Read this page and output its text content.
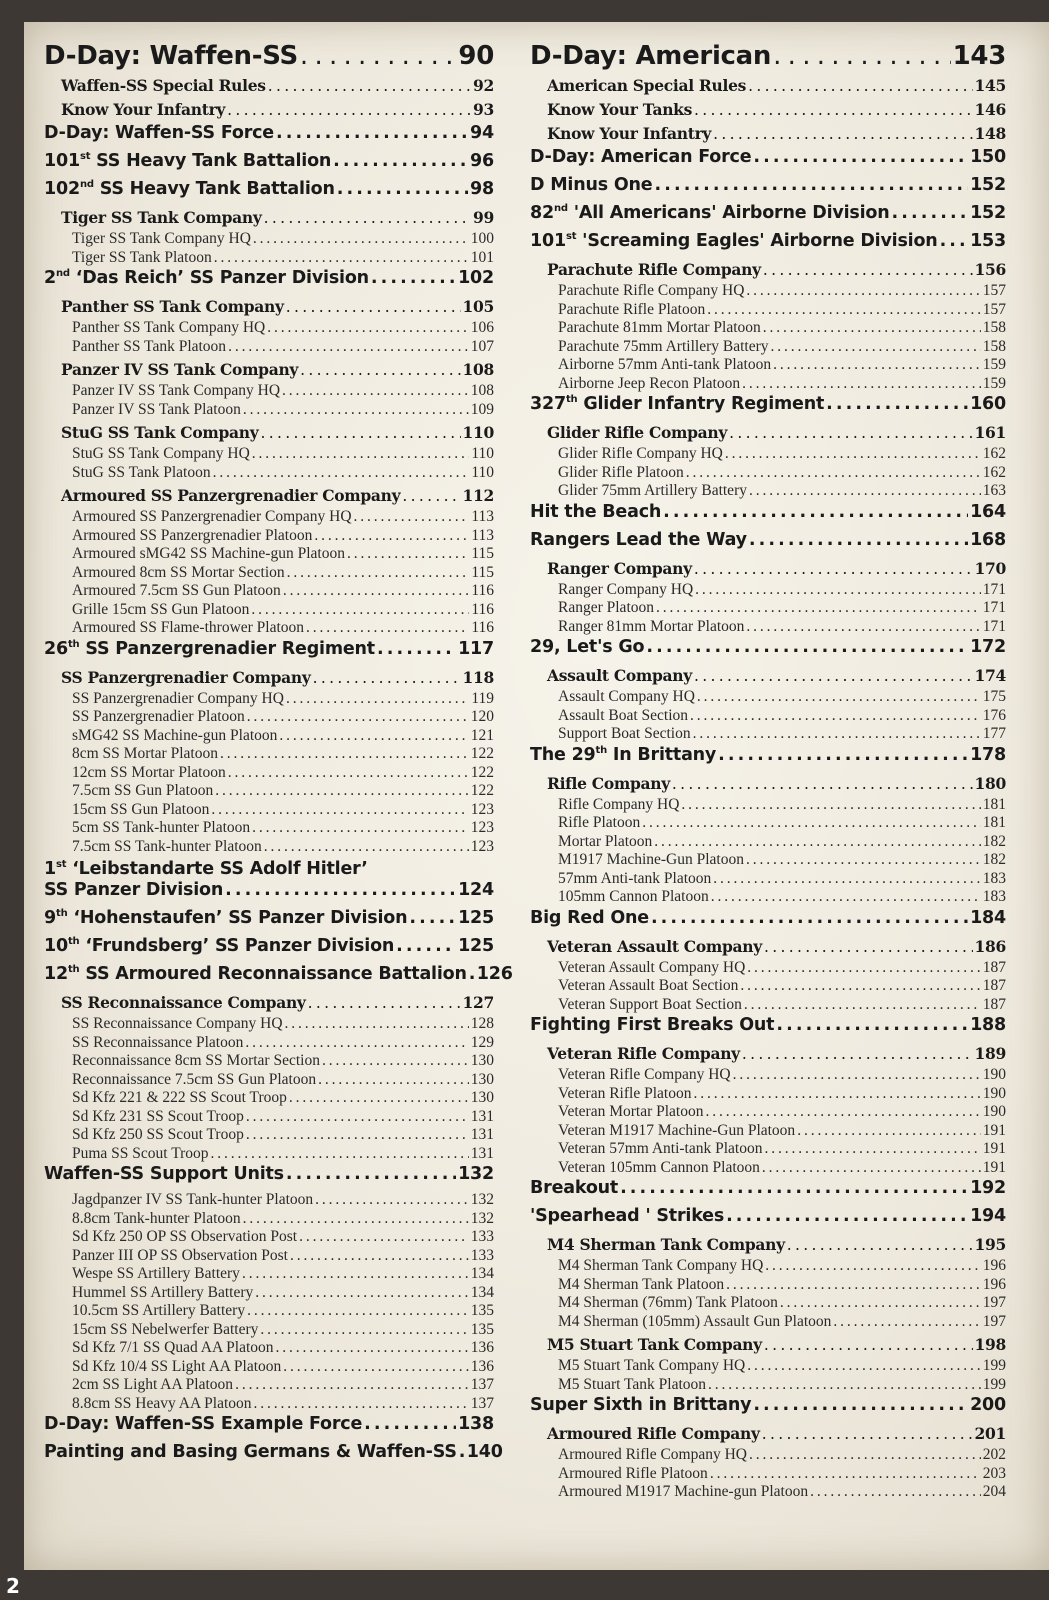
D-Day: Waffen-SS . . .	90
Waffen-SS Special Rules . . .	92
Know Your Infantry . . .	93
D-Day: Waffen-SS Force . . .	94
101st SS Heavy Tank Battalion . . .	96
102nd SS Heavy Tank Battalion . . .	98
Tiger SS Tank Company . . .	99
Tiger SS Tank Company HQ . . .	100
Tiger SS Tank Platoon . . .	101
2nd ‘Das Reich’ SS Panzer Division . . .	102
Panther SS Tank Company . . .	105
Panther SS Tank Company HQ . . .	106
Panther SS Tank Platoon . . .	107
Panzer IV SS Tank Company . . .	108
Panzer IV SS Tank Company HQ . . .	108
Panzer IV SS Tank Platoon . . .	109
StuG SS Tank Company . . .	110
StuG SS Tank Company HQ . . .	110
StuG SS Tank Platoon . . .	110
Armoured SS Panzergrenadier Company . . .	112
Armoured SS Panzergrenadier Company HQ . . .	113
Armoured SS Panzergrenadier Platoon . . .	113
Armoured sMG42 SS Machine-gun Platoon . . .	115
Armoured 8cm SS Mortar Section . . .	115
Armoured 7.5cm SS Gun Platoon . . .	116
Grille 15cm SS Gun Platoon . . .	116
Armoured SS Flame-thrower Platoon . . .	116
26th SS Panzergrenadier Regiment . . .	117
SS Panzergrenadier Company . . .	118
SS Panzergrenadier Company HQ . . .	119
SS Panzergrenadier Platoon . . .	120
sMG42 SS Machine-gun Platoon . . .	121
8cm SS Mortar Platoon . . .	122
12cm SS Mortar Platoon . . .	122
7.5cm SS Gun Platoon . . .	122
15cm SS Gun Platoon . . .	123
5cm SS Tank-hunter Platoon . . .	123
7.5cm SS Tank-hunter Platoon . . .	123
1st ‘Leibstandarte SS Adolf Hitler’
SS Panzer Division . . .	124
9th ‘Hohenstaufen’ SS Panzer Division . . .	125
10th ‘Frundsberg’ SS Panzer Division . . .	125
12th SS Armoured Reconnaissance Battalion . . . 126
SS Reconnaissance Company . . .	127
SS Reconnaissance Company HQ . . .	128
SS Reconnaissance Platoon . . .	129
Reconnaissance 8cm SS Mortar Section . . .	130
Reconnaissance 7.5cm SS Gun Platoon . . .	130
Sd Kfz 221 & 222 SS Scout Troop . . .	130
Sd Kfz 231 SS Scout Troop . . .	131
Sd Kfz 250 SS Scout Troop . . .	131
Puma SS Scout Troop . . .	131
Waffen-SS Support Units . . .	132
Jagdpanzer IV SS Tank-hunter Platoon . . .	132
8.8cm Tank-hunter Platoon . . .	132
Sd Kfz 250 OP SS Observation Post . . .	133
Panzer III OP SS Observation Post . . .	133
Wespe SS Artillery Battery . . .	134
Hummel SS Artillery Battery . . .	134
10.5cm SS Artillery Battery . . .	135
15cm SS Nebelwerfer Battery . . .	135
Sd Kfz 7/1 SS Quad AA Platoon . . .	136
Sd Kfz 10/4 SS Light AA Platoon . . .	136
2cm SS Light AA Platoon . . .	137
8.8cm SS Heavy AA Platoon . . .	137
D-Day: Waffen-SS Example Force . . .	138
Painting and Basing Germans & Waffen-SS . . . 140
D-Day: American . . .	143
American Special Rules . . .	145
Know Your Tanks . . .	146
Know Your Infantry . . .	148
D-Day: American Force . . .	150
D Minus One . . .	152
82nd 'All Americans' Airborne Division . . .	152
101st 'Screaming Eagles' Airborne Division . . . 153
Parachute Rifle Company . . .	156
Parachute Rifle Company HQ . . .	157
Parachute Rifle Platoon . . .	157
Parachute 81mm Mortar Platoon . . .	158
Parachute 75mm Artillery Battery . . .	158
Airborne 57mm Anti-tank Platoon . . .	159
Airborne Jeep Recon Platoon . . .	159
327th Glider Infantry Regiment . . .	160
Glider Rifle Company . . .	161
Glider Rifle Company HQ . . .	162
Glider Rifle Platoon . . .	162
Glider 75mm Artillery Battery . . .	163
Hit the Beach . . .	164
Rangers Lead the Way . . .	168
Ranger Company . . .	170
Ranger Company HQ . . .	171
Ranger Platoon . . .	171
Ranger 81mm Mortar Platoon . . .	171
29, Let's Go . . .	172
Assault Company . . .	174
Assault Company HQ . . .	175
Assault Boat Section . . .	176
Support Boat Section . . .	177
The 29th In Brittany . . .	178
Rifle Company . . .	180
Rifle Company HQ . . .	181
Rifle Platoon . . .	181
Mortar Platoon . . .	182
M1917 Machine-Gun Platoon . . .	182
57mm Anti-tank Platoon . . .	183
105mm Cannon Platoon . . .	183
Big Red One . . .	184
Veteran Assault Company . . .	186
Veteran Assault Company HQ . . .	187
Veteran Assault Boat Section . . .	187
Veteran Support Boat Section . . .	187
Fighting First Breaks Out . . .	188
Veteran Rifle Company . . .	189
Veteran Rifle Company HQ . . .	190
Veteran Rifle Platoon . . .	190
Veteran Mortar Platoon . . .	190
Veteran M1917 Machine-Gun Platoon . . .	191
Veteran 57mm Anti-tank Platoon . . .	191
Veteran 105mm Cannon Platoon . . .	191
Breakout . . .	192
'Spearhead ' Strikes . . .	194
M4 Sherman Tank Company . . .	195
M4 Sherman Tank Company HQ . . .	196
M4 Sherman Tank Platoon . . .	196
M4 Sherman (76mm) Tank Platoon . . .	197
M4 Sherman (105mm) Assault Gun Platoon . . .	197
M5 Stuart Tank Company . . .	198
M5 Stuart Tank Company HQ . . .	199
M5 Stuart Tank Platoon . . .	199
Super Sixth in Brittany . . .	200
Armoured Rifle Company . . .	201
Armoured Rifle Company HQ . . .	202
Armoured Rifle Platoon . . .	203
Armoured M1917 Machine-gun Platoon . . .	204
2
